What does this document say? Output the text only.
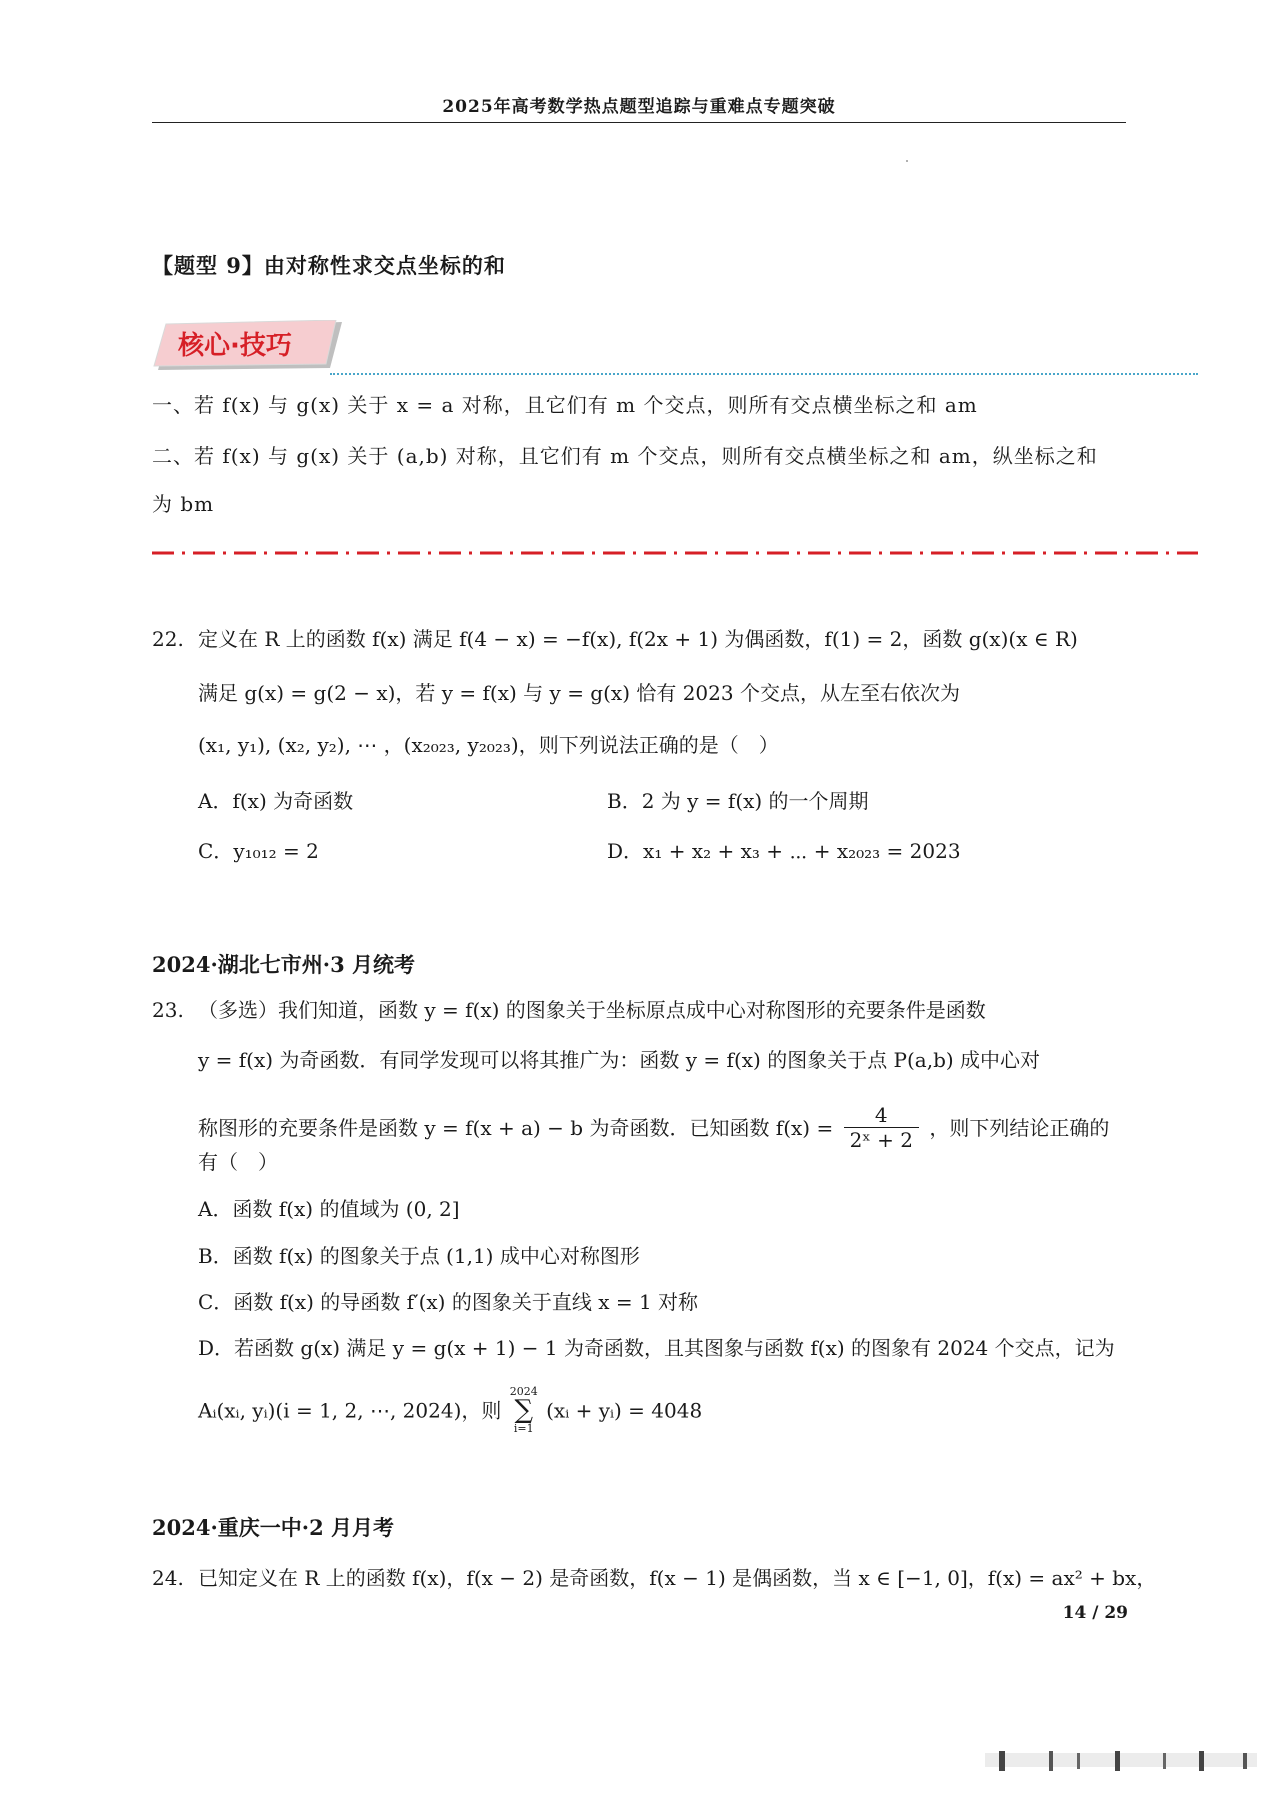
2025年高考数学热点题型追踪与重难点专题突破
【题型 9】由对称性求交点坐标的和
核心·技巧
一、若 f(x) 与 g(x) 关于 x = a 对称，且它们有 m 个交点，则所有交点横坐标之和 am
二、若 f(x) 与 g(x) 关于 (a,b) 对称，且它们有 m 个交点，则所有交点横坐标之和 am，纵坐标之和
为 bm
22. 定义在 R 上的函数 f(x) 满足 f(4 − x) = −f(x), f(2x + 1) 为偶函数，f(1) = 2，函数 g(x)(x ∈ R)
满足 g(x) = g(2 − x)，若 y = f(x) 与 y = g(x) 恰有 2023 个交点，从左至右依次为
(x₁, y₁), (x₂, y₂), ⋯ ，(x₂₀₂₃, y₂₀₂₃)，则下列说法正确的是（　）
A．f(x) 为奇函数	B．2 为 y = f(x) 的一个周期
C．y₁₀₁₂ = 2	D．x₁ + x₂ + x₃ + ⋯ + x₂₀₂₃ = 2023
2024·湖北七市州·3 月统考
23. （多选）我们知道，函数 y = f(x) 的图象关于坐标原点成中心对称图形的充要条件是函数
y = f(x) 为奇函数．有同学发现可以将其推广为：函数 y = f(x) 的图象关于点 P(a,b) 成中心对
称图形的充要条件是函数 y = f(x + a) − b 为奇函数．已知函数 $f(x) = \frac{4}{\text{2ˣ + 2}}$ ，则下列结论正确的
有（　）
A．函数 f(x) 的值域为 (0, 2]
B．函数 f(x) 的图象关于点 (1,1) 成中心对称图形
C．函数 f(x) 的导函数 f′(x) 的图象关于直线 x = 1 对称
D．若函数 g(x) 满足 y = g(x + 1) − 1 为奇函数，且其图象与函数 f(x) 的图象有 2024 个交点，记为
Aᵢ(xᵢ, yᵢ)(i = 1, 2, ⋯, 2024)，则
2024
∑
i=1
(xᵢ + yᵢ) = 4048
2024·重庆一中·2 月月考
24. 已知定义在 R 上的函数 f(x)，f(x − 2) 是奇函数，f(x − 1) 是偶函数，当 x ∈ [−1, 0]，f(x) = ax² + bx，
14 / 29
